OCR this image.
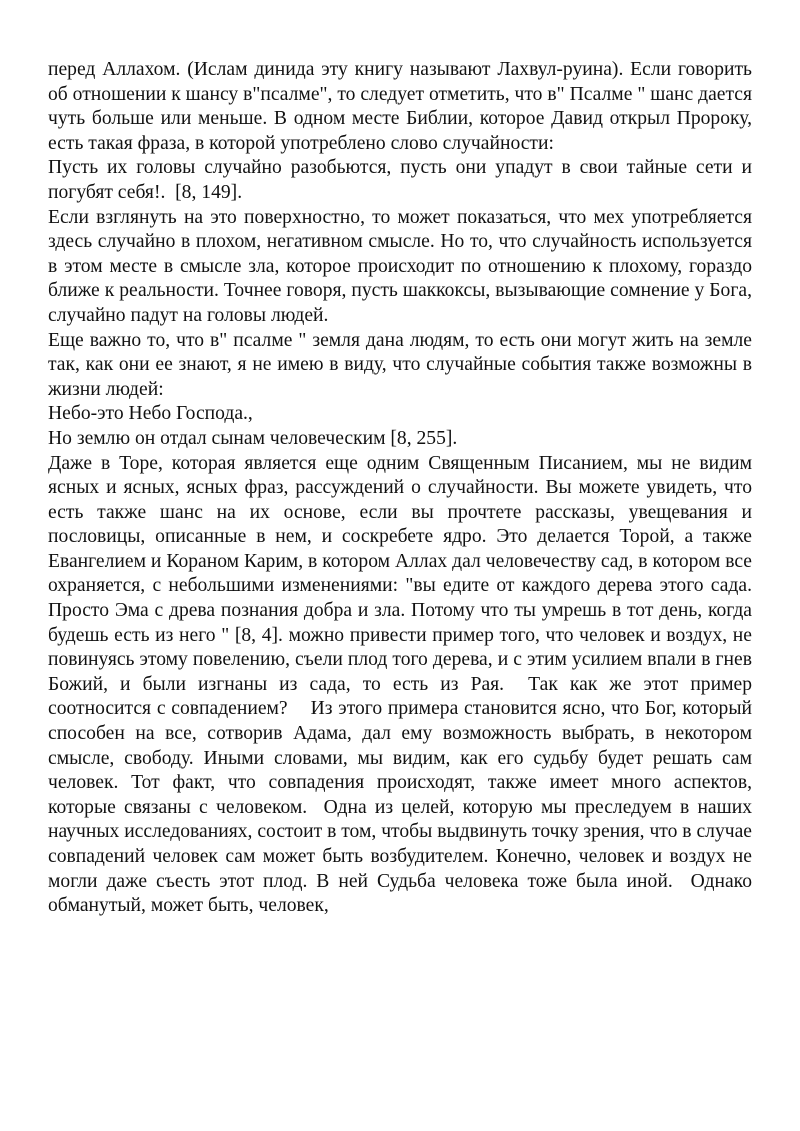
перед Аллахом. (Ислам динида эту книгу называют Лахвул-руина). Если говорить об отношении к шансу в"псалме", то следует отметить, что в" Псалме " шанс дается чуть больше или меньше. В одном месте Библии, которое Давид открыл Пророку, есть такая фраза, в которой употреблено слово случайности:

Пусть их головы случайно разобьются, пусть они упадут в свои тайные сети и погубят себя!.  [8, 149].

Если взглянуть на это поверхностно, то может показаться, что мех употребляется здесь случайно в плохом, негативном смысле. Но то, что случайность используется в этом месте в смысле зла, которое происходит по отношению к плохому, гораздо ближе к реальности. Точнее говоря, пусть шаккоксы, вызывающие сомнение у Бога, случайно падут на головы людей.

Еще важно то, что в" псалме " земля дана людям, то есть они могут жить на земле так, как они ее знают, я не имею в виду, что случайные события также возможны в жизни людей:

Небо-это Небо Господа.,

Но землю он отдал сынам человеческим [8, 255].

Даже в Торе, которая является еще одним Священным Писанием, мы не видим ясных и ясных, ясных фраз, рассуждений о случайности. Вы можете увидеть, что есть также шанс на их основе, если вы прочтете рассказы, увещевания и пословицы, описанные в нем, и соскребете ядро. Это делается Торой, а также Евангелием и Кораном Карим, в котором Аллах дал человечеству сад, в котором все охраняется, с небольшими изменениями: "вы едите от каждого дерева этого сада. Просто Эма с древа познания добра и зла. Потому что ты умрешь в тот день, когда будешь есть из него " [8, 4]. можно привести пример того, что человек и воздух, не повинуясь этому повелению, съели плод того дерева, и с этим усилием впали в гнев Божий, и были изгнаны из сада, то есть из Рая.  Так как же этот пример соотносится с совпадением?    Из этого примера становится ясно, что Бог, который способен на все, сотворив Адама, дал ему возможность выбрать, в некотором смысле, свободу. Иными словами, мы видим, как его судьбу будет решать сам человек. Тот факт, что совпадения происходят, также имеет много аспектов, которые связаны с человеком.  Одна из целей, которую мы преследуем в наших научных исследованиях, состоит в том, чтобы выдвинуть точку зрения, что в случае совпадений человек сам может быть возбудителем. Конечно, человек и воздух не могли даже съесть этот плод. В ней Судьба человека тоже была иной.  Однако обманутый, может быть, человек,
